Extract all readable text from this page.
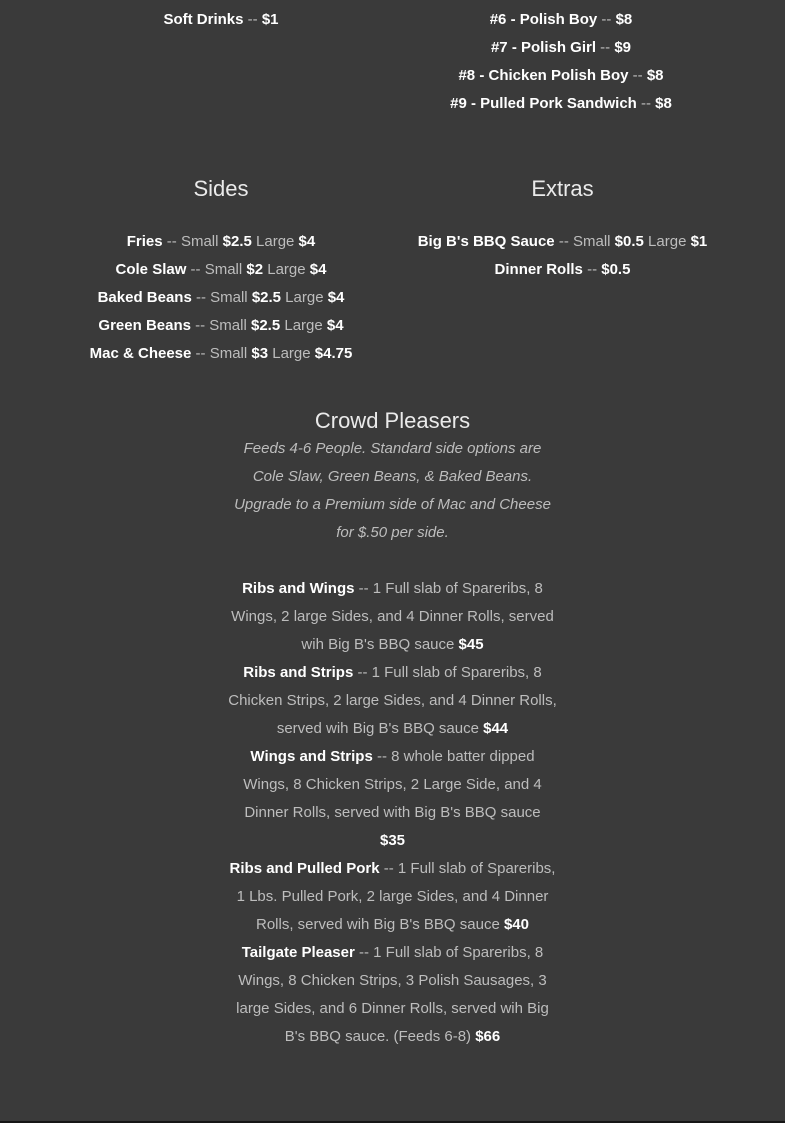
Soft Drinks -- $1	#6 - Polish Boy -- $8
#7 - Polish Girl -- $9
#8 - Chicken Polish Boy -- $8
#9 - Pulled Pork Sandwich -- $8
Sides
Fries -- Small $2.5 Large $4
Cole Slaw -- Small $2 Large $4
Baked Beans -- Small $2.5 Large $4
Green Beans -- Small $2.5 Large $4
Mac & Cheese -- Small $3 Large $4.75
Extras
Big B's BBQ Sauce -- Small $0.5 Large $1
Dinner Rolls -- $0.5
Crowd Pleasers
Feeds 4-6 People. Standard side options are
Cole Slaw, Green Beans, & Baked Beans.
Upgrade to a Premium side of Mac and Cheese
for $.50 per side.
Ribs and Wings -- 1 Full slab of Spareribs, 8
Wings, 2 large Sides, and 4 Dinner Rolls, served
wih Big B's BBQ sauce $45
Ribs and Strips -- 1 Full slab of Spareribs, 8
Chicken Strips, 2 large Sides, and 4 Dinner Rolls,
served wih Big B's BBQ sauce $44
Wings and Strips -- 8 whole batter dipped
Wings, 8 Chicken Strips, 2 Large Side, and 4
Dinner Rolls, served with Big B's BBQ sauce
$35
Ribs and Pulled Pork -- 1 Full slab of Spareribs,
1 Lbs. Pulled Pork, 2 large Sides, and 4 Dinner
Rolls, served wih Big B's BBQ sauce $40
Tailgate Pleaser -- 1 Full slab of Spareribs, 8
Wings, 8 Chicken Strips, 3 Polish Sausages, 3
large Sides, and 6 Dinner Rolls, served wih Big
B's BBQ sauce. (Feeds 6-8) $66
